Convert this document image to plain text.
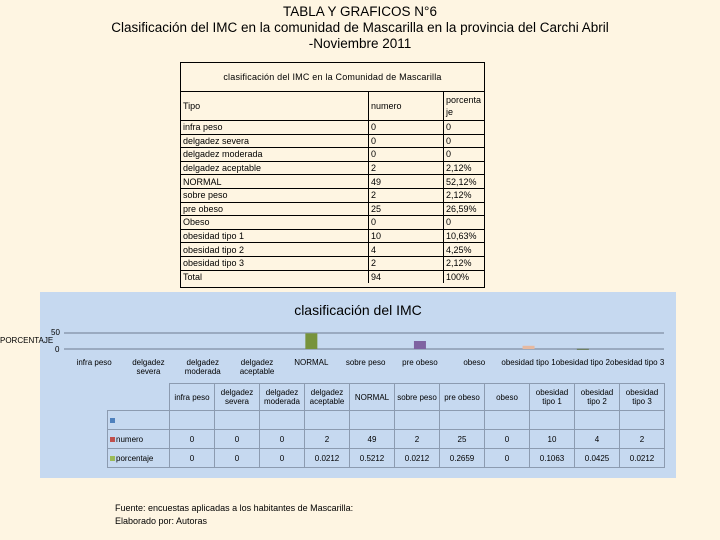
TABLA Y GRAFICOS N°6
Clasificación del IMC en la comunidad de Mascarilla en la provincia del Carchi Abril
-Noviembre 2011
clasificación del IMC en la Comunidad de Mascarilla
Tipo	numero	porcentaje
infra peso	0	0
delgadez severa	0	0
delgadez moderada	0	0
delgadez aceptable	2	2,12%
NORMAL	49	52,12%
sobre peso	2	2,12%
pre obeso	25	26,59%
Obeso	0	0
obesidad tipo 1	10	10,63%
obesidad tipo 2	4	4,25%
obesidad tipo 3	2	2,12%
Total	94	100%
clasificación del IMC
PORCENTAJE
50
0
	infra peso	delgadez severa	delgadez moderada	delgadez aceptable	NORMAL	sobre peso	pre obeso	obeso	obesidad tipo 1	obesidad tipo 2	obesidad tipo 3

numero	0	0	0	2	49	2	25	0	10	4	2
porcentaje	0	0	0	0.0212	0.5212	0.0212	0.2659	0	0.1063	0.0425	0.0212
infra peso	delgadez severa
delgadez moderada
delgadez aceptable
NORMAL	sobre peso	pre obeso	obeso	obesidad tipo 1 obesidad tipo 2 obesidad tipo 3
Fuente: encuestas aplicadas a los habitantes de Mascarilla:
Elaborado por: Autoras
